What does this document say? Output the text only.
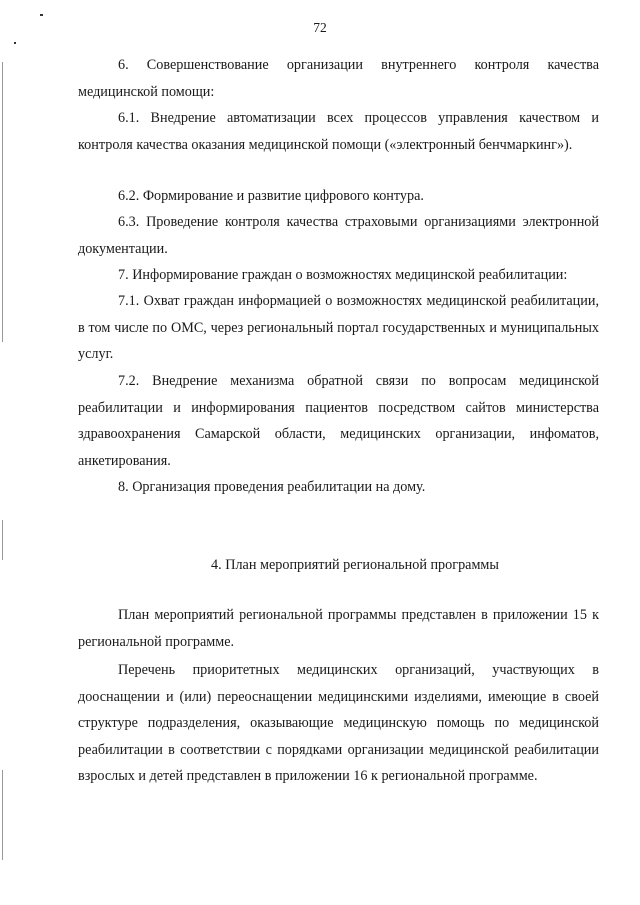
72

6. Совершенствование организации внутреннего контроля качества медицинской помощи:

6.1. Внедрение автоматизации всех процессов управления качеством и контроля качества оказания медицинской помощи («электронный бенчмаркинг»).

6.2. Формирование и развитие цифрового контура.

6.3. Проведение контроля качества страховыми организациями электронной документации.

7. Информирование граждан о возможностях медицинской реабилитации:

7.1. Охват граждан информацией о возможностях медицинской реабилитации, в том числе по ОМС, через региональный портал государственных и муниципальных услуг.

7.2. Внедрение механизма обратной связи по вопросам медицинской реабилитации и информирования пациентов посредством сайтов министерства здравоохранения Самарской области, медицинских организации, инфоматов, анкетирования.

8. Организация проведения реабилитации на дому.

4. План мероприятий региональной программы

План мероприятий региональной программы представлен в приложении 15 к региональной программе.

Перечень приоритетных медицинских организаций, участвующих в дооснащении и (или) переоснащении медицинскими изделиями, имеющие в своей структуре подразделения, оказывающие медицинскую помощь по медицинской реабилитации в соответствии с порядками организации медицинской реабилитации взрослых и детей представлен в приложении 16 к региональной программе.
